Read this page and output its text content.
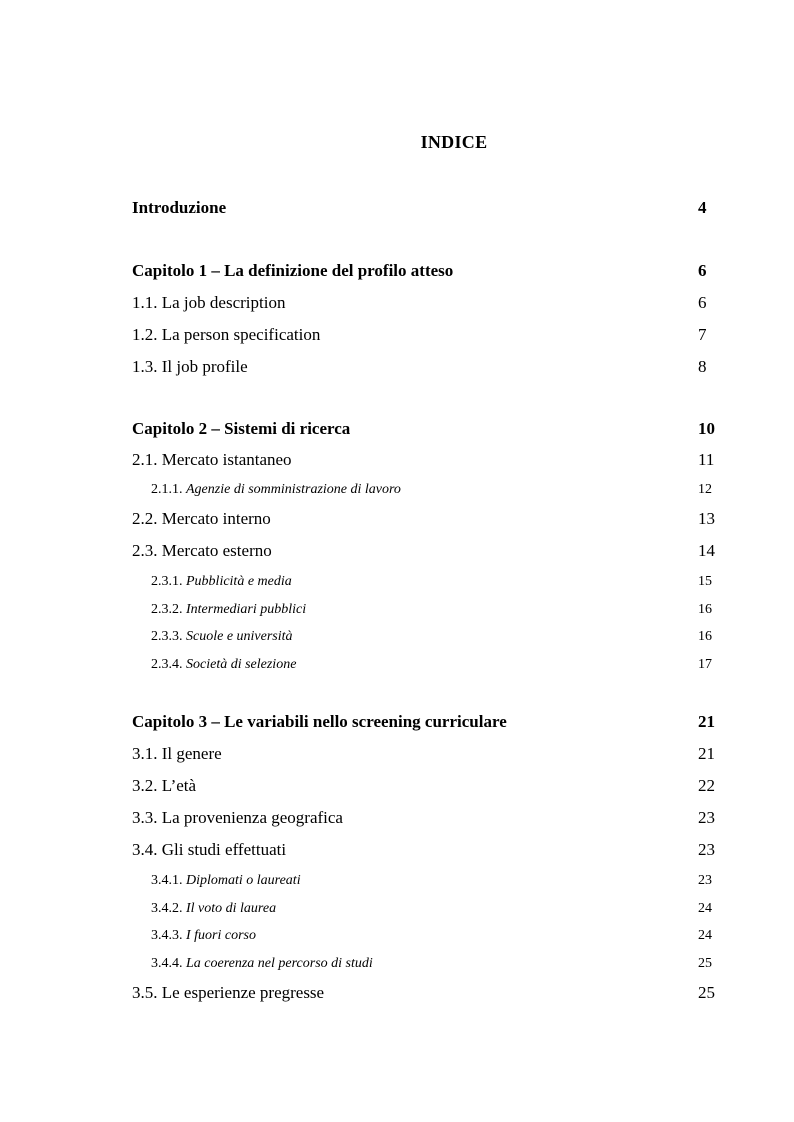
INDICE
Introduzione	4
Capitolo 1 – La definizione del profilo atteso	6
1.1. La job description	6
1.2. La person specification	7
1.3. Il job profile	8
Capitolo 2 – Sistemi di ricerca	10
2.1. Mercato istantaneo	11
2.1.1. Agenzie di somministrazione di lavoro	12
2.2. Mercato interno	13
2.3. Mercato esterno	14
2.3.1. Pubblicità e media	15
2.3.2. Intermediari pubblici	16
2.3.3. Scuole e università	16
2.3.4. Società di selezione	17
Capitolo 3 – Le variabili nello screening curriculare	21
3.1. Il genere	21
3.2. L’età	22
3.3. La provenienza geografica	23
3.4. Gli studi effettuati	23
3.4.1. Diplomati o laureati	23
3.4.2. Il voto di laurea	24
3.4.3. I fuori corso	24
3.4.4. La coerenza nel percorso di studi	25
3.5. Le esperienze pregresse	25
